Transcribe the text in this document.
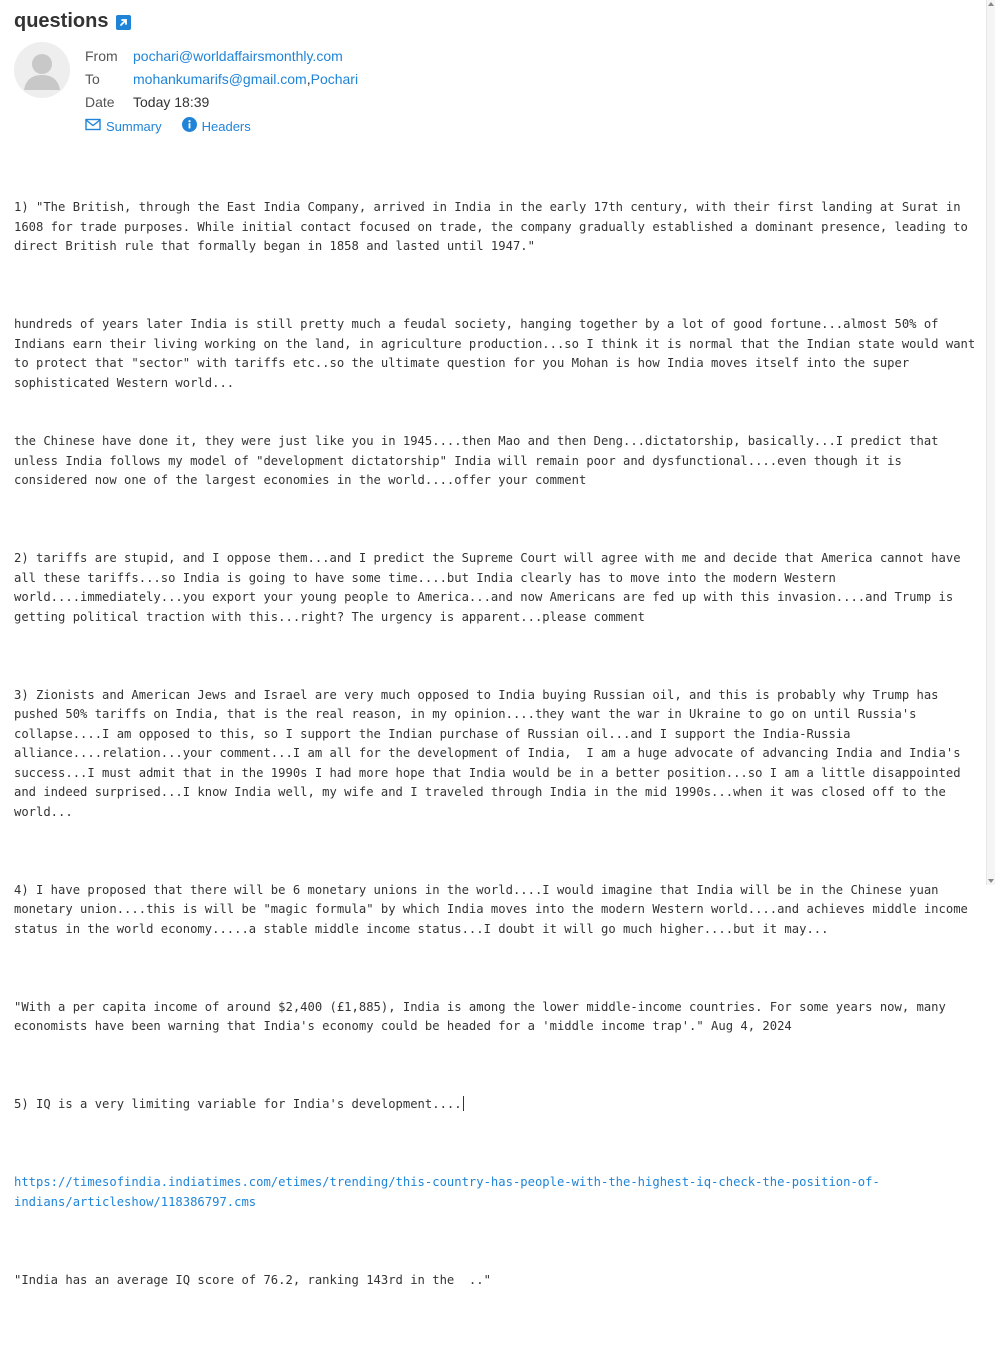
questions
From	pochari@worldaffairsmonthly.com
To	mohankumarifs@gmail.com , Pochari
Date	Today 18:39
Summary	Headers

1) "The British, through the East India Company, arrived in India in the early 17th century, with their first landing at Surat in 1608 for trade purposes. While initial contact focused on trade, the company gradually established a dominant presence, leading to direct British rule that formally began in 1858 and lasted until 1947."

hundreds of years later India is still pretty much a feudal society, hanging together by a lot of good fortune...almost 50% of Indians earn their living working on the land, in agriculture production...so I think it is normal that the Indian state would want to protect that "sector" with tariffs etc..so the ultimate question for you Mohan is how India moves itself into the super sophisticated Western world...

the Chinese have done it, they were just like you in 1945....then Mao and then Deng...dictatorship, basically...I predict that unless India follows my model of "development dictatorship" India will remain poor and dysfunctional....even though it is considered now one of the largest economies in the world....offer your comment

2) tariffs are stupid, and I oppose them...and I predict the Supreme Court will agree with me and decide that America cannot have all these tariffs...so India is going to have some time....but India clearly has to move into the modern Western world....immediately...you export your young people to America...and now Americans are fed up with this invasion....and Trump is getting political traction with this...right? The urgency is apparent...please comment

3) Zionists and American Jews and Israel are very much opposed to India buying Russian oil, and this is probably why Trump has pushed 50% tariffs on India, that is the real reason, in my opinion....they want the war in Ukraine to go on until Russia's collapse....I am opposed to this, so I support the Indian purchase of Russian oil...and I support the India-Russia alliance....relation...your comment...I am all for the development of India,  I am a huge advocate of advancing India and India's success...I must admit that in the 1990s I had more hope that India would be in a better position...so I am a little disappointed and indeed surprised...I know India well, my wife and I traveled through India in the mid 1990s...when it was closed off to the world...

4) I have proposed that there will be 6 monetary unions in the world....I would imagine that India will be in the Chinese yuan monetary union....this is will be "magic formula" by which India moves into the modern Western world....and achieves middle income status in the world economy.....a stable middle income status...I doubt it will go much higher....but it may...

"With a per capita income of around $2,400 (£1,885), India is among the lower middle-income countries. For some years now, many economists have been warning that India's economy could be headed for a 'middle income trap'." Aug 4, 2024

5) IQ is a very limiting variable for India's development....

https://timesofindia.indiatimes.com/etimes/trending/this-country-has-people-with-the-highest-iq-check-the-position-of-indians/articleshow/118386797.cms

"India has an average IQ score of 76.2, ranking 143rd in the  .."
